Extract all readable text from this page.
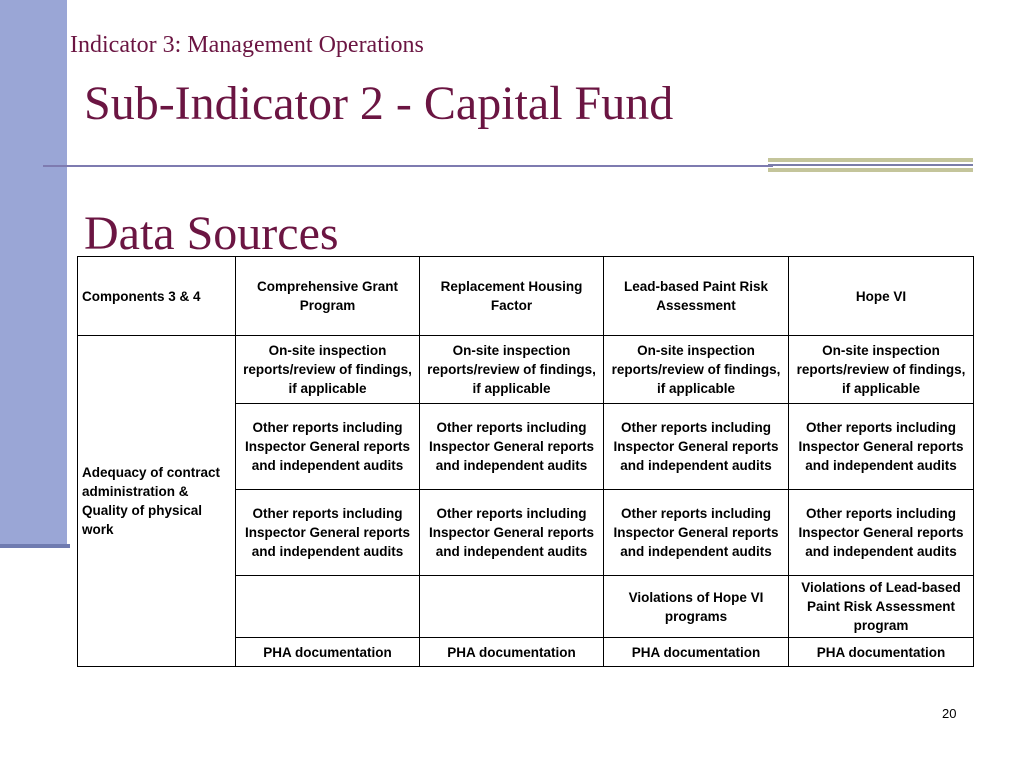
Indicator 3: Management Operations
Sub-Indicator 2 - Capital Fund
Data Sources
Components 3 & 4	Comprehensive Grant Program	Replacement Housing Factor	Lead-based Paint Risk Assessment	Hope VI
Adequacy of contract administration & Quality of physical work	On-site inspection reports/review of findings, if applicable	On-site inspection reports/review of findings, if applicable	On-site inspection reports/review of findings, if applicable	On-site inspection reports/review of findings, if applicable
	Other reports including Inspector General reports and independent audits	Other reports including Inspector General reports and independent audits	Other reports including Inspector General reports and independent audits	Other reports including Inspector General reports and independent audits
	Other reports including Inspector General reports and independent audits	Other reports including Inspector General reports and independent audits	Other reports including Inspector General reports and independent audits	Other reports including Inspector General reports and independent audits
			Violations of Hope VI programs	Violations of Lead-based Paint Risk Assessment program
	PHA documentation	PHA documentation	PHA documentation	PHA documentation
20
